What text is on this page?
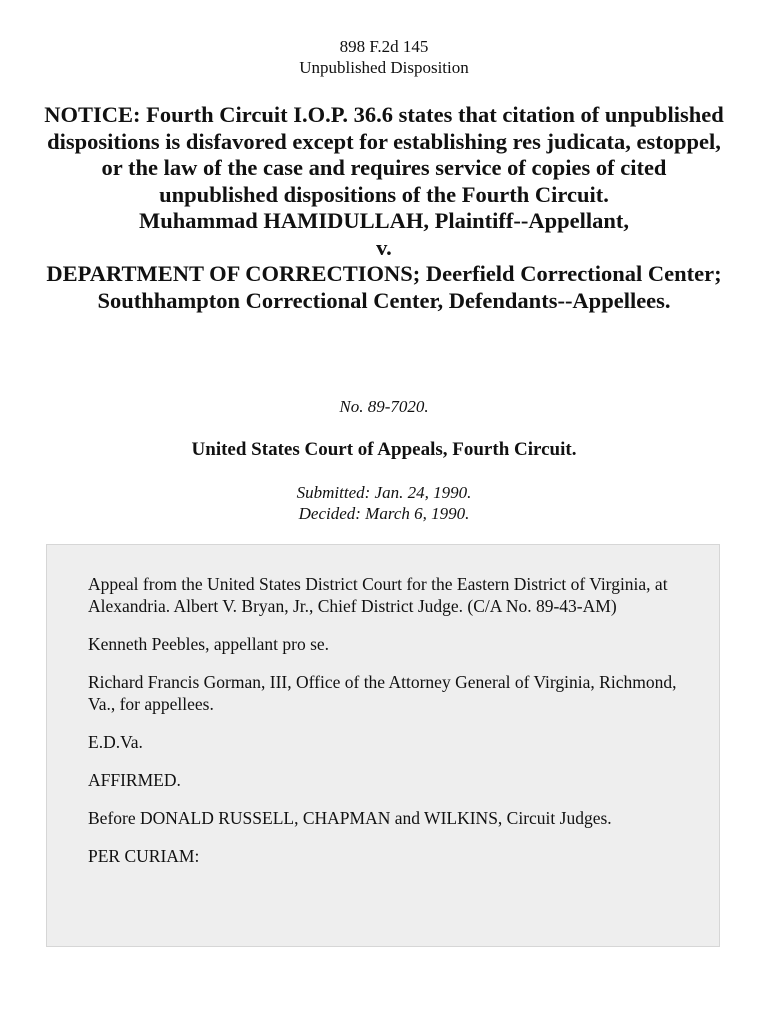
898 F.2d 145
Unpublished Disposition
NOTICE: Fourth Circuit I.O.P. 36.6 states that citation of unpublished dispositions is disfavored except for establishing res judicata, estoppel, or the law of the case and requires service of copies of cited unpublished dispositions of the Fourth Circuit.
Muhammad HAMIDULLAH, Plaintiff--Appellant,
v.
DEPARTMENT OF CORRECTIONS; Deerfield Correctional Center;
Southhampton Correctional Center, Defendants--Appellees.
No. 89-7020.
United States Court of Appeals, Fourth Circuit.
Submitted: Jan. 24, 1990.
Decided: March 6, 1990.

Appeal from the United States District Court for the Eastern District of Virginia, at Alexandria. Albert V. Bryan, Jr., Chief District Judge. (C/A No. 89-43-AM)

Kenneth Peebles, appellant pro se.

Richard Francis Gorman, III, Office of the Attorney General of Virginia, Richmond, Va., for appellees.

E.D.Va.

AFFIRMED.

Before DONALD RUSSELL, CHAPMAN and WILKINS, Circuit Judges.

PER CURIAM:
